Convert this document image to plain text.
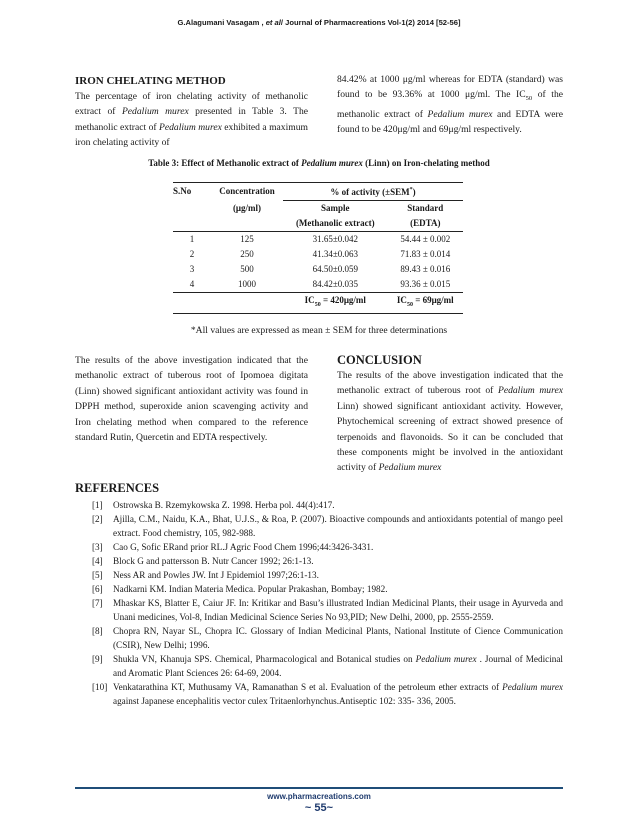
G.Alagumani Vasagam , et al/ Journal of Pharmacreations Vol-1(2) 2014 [52-56]
IRON CHELATING METHOD
The percentage of iron chelating activity of methanolic extract of Pedalium murex presented in Table 3. The methanolic extract of Pedalium murex exhibited a maximum iron chelating activity of
84.42% at 1000 μg/ml whereas for EDTA (standard) was found to be 93.36% at 1000 μg/ml. The $IC_{50}$ of the methanolic extract of Pedalium murex and EDTA were found to be 420μg/ml and 69μg/ml respectively.
Table 3: Effect of Methanolic extract of Pedalium murex (Linn) on Iron-chelating method
S.No	Concentration	% of activity (±SEM*)	
	(μg/ml)	Sample	Standard
		(Methanolic extract)	(EDTA)
1	125	31.65±0.042	54.44 ± 0.002
2	250	41.34±0.063	71.83 ± 0.014
3	500	64.50±0.059	89.43 ± 0.016
4	1000	84.42±0.035	93.36 ± 0.015
		$IC_{50} = 420\mu g/ml$	$IC_{50} = 69\mu g/ml$
*All values are expressed as mean ± SEM for three determinations
The results of the above investigation indicated that the methanolic extract of tuberous root of Ipomoea digitata (Linn) showed significant antioxidant activity was found in DPPH method, superoxide anion scavenging activity and Iron chelating method when compared to the reference standard Rutin, Quercetin and EDTA respectively.
CONCLUSION
The results of the above investigation indicated that the methanolic extract of tuberous root of Pedalium murex Linn) showed significant antioxidant activity. However, Phytochemical screening of extract showed presence of terpenoids and flavonoids. So it can be concluded that these components might be involved in the antioxidant activity of Pedalium murex
REFERENCES
[1] Ostrowska B. Rzemykowska Z. 1998. Herba pol. 44(4):417.
[2] Ajilla, C.M., Naidu, K.A., Bhat, U.J.S., & Roa, P. (2007). Bioactive compounds and antioxidants potential of mango peel extract. Food chemistry, 105, 982-988.
[3] Cao G, Sofic ERand prior RL.J Agric Food Chem 1996;44:3426-3431.
[4] Block G and pattersson B. Nutr Cancer 1992; 26:1-13.
[5] Ness AR and Powles JW. Int J Epidemiol 1997;26:1-13.
[6] Nadkarni KM. Indian Materia Medica. Popular Prakashan, Bombay; 1982.
[7] Mhaskar KS, Blatter E, Caiur JF. In: Kritikar and Basu’s illustrated Indian Medicinal Plants, their usage in Ayurveda and Unani medicines, Vol-8, Indian Medicinal Science Series No 93,PID; New Delhi, 2000, pp. 2555-2559.
[8] Chopra RN, Nayar SL, Chopra IC. Glossary of Indian Medicinal Plants, National Institute of Cience Communication (CSIR), New Delhi; 1996.
[9] Shukla VN, Khanuja SPS. Chemical, Pharmacological and Botanical studies on Pedalium murex . Journal of Medicinal and Aromatic Plant Sciences 26: 64-69, 2004.
[10] Venkatarathina KT, Muthusamy VA, Ramanathan S et al. Evaluation of the petroleum ether extracts of Pedalium murex against Japanese encephalitis vector culex Tritaenlorhynchus.Antiseptic 102: 335- 336, 2005.
www.pharmacreations.com
~ 55~
